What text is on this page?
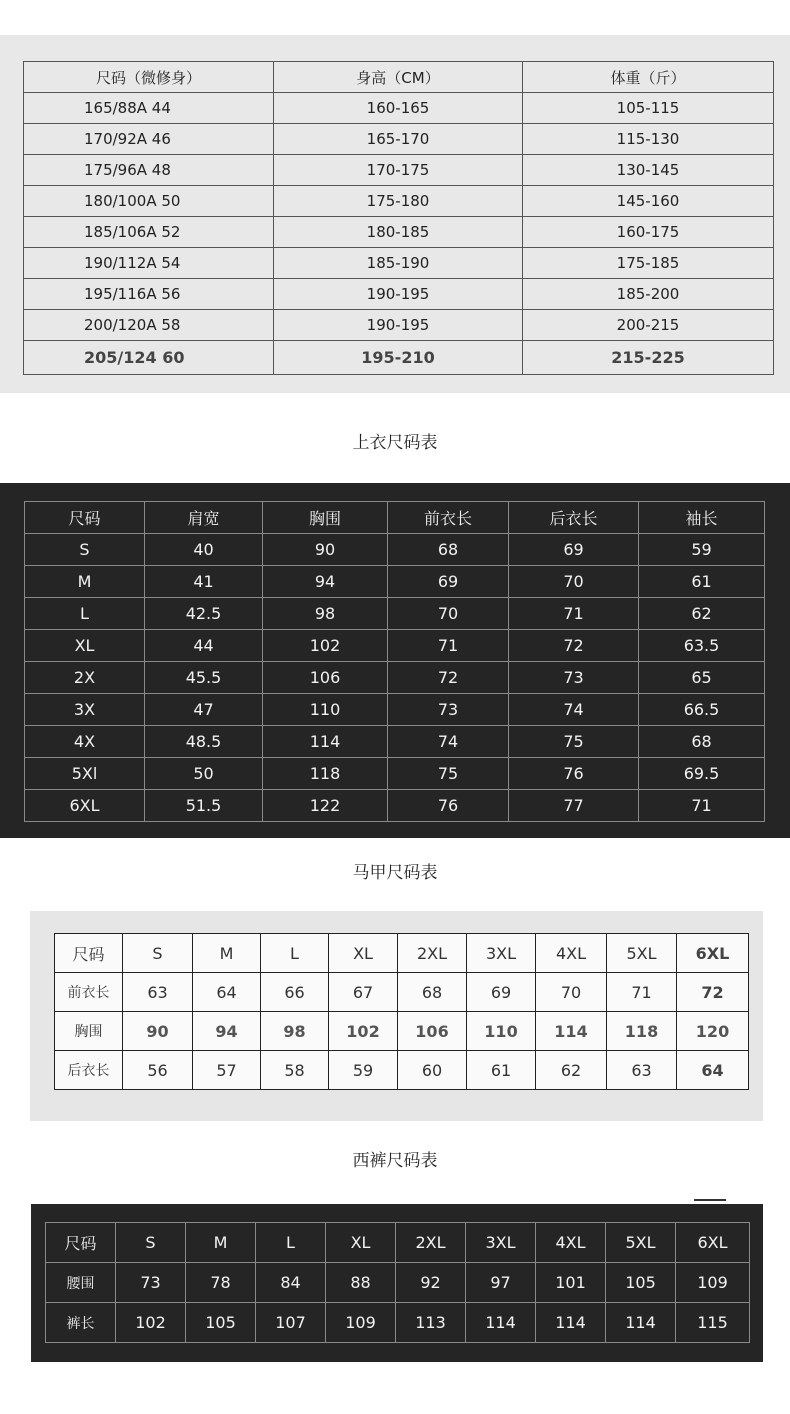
尺码（微修身）	身高（CM）	体重（斤）
165/88A 44	160-165	105-115
170/92A 46	165-170	115-130
175/96A 48	170-175	130-145
180/100A 50	175-180	145-160
185/106A 52	180-185	160-175
190/112A 54	185-190	175-185
195/116A 56	190-195	185-200
200/120A 58	190-195	200-215
205/124 60	195-210	215-225
上衣尺码表
尺码	肩宽	胸围	前衣长	后衣长	袖长
S	40	90	68	69	59
M	41	94	69	70	61
L	42.5	98	70	71	62
XL	44	102	71	72	63.5
2X	45.5	106	72	73	65
3X	47	110	73	74	66.5
4X	48.5	114	74	75	68
5Xl	50	118	75	76	69.5
6XL	51.5	122	76	77	71
马甲尺码表
尺码	S	M	L	XL	2XL	3XL	4XL	5XL	6XL
前衣长	63	64	66	67	68	69	70	71	72
胸围	90	94	98	102	106	110	114	118	120
后衣长	56	57	58	59	60	61	62	63	64
西裤尺码表
尺码	S	M	L	XL	2XL	3XL	4XL	5XL	6XL
腰围	73	78	84	88	92	97	101	105	109
裤长	102	105	107	109	113	114	114	114	115
